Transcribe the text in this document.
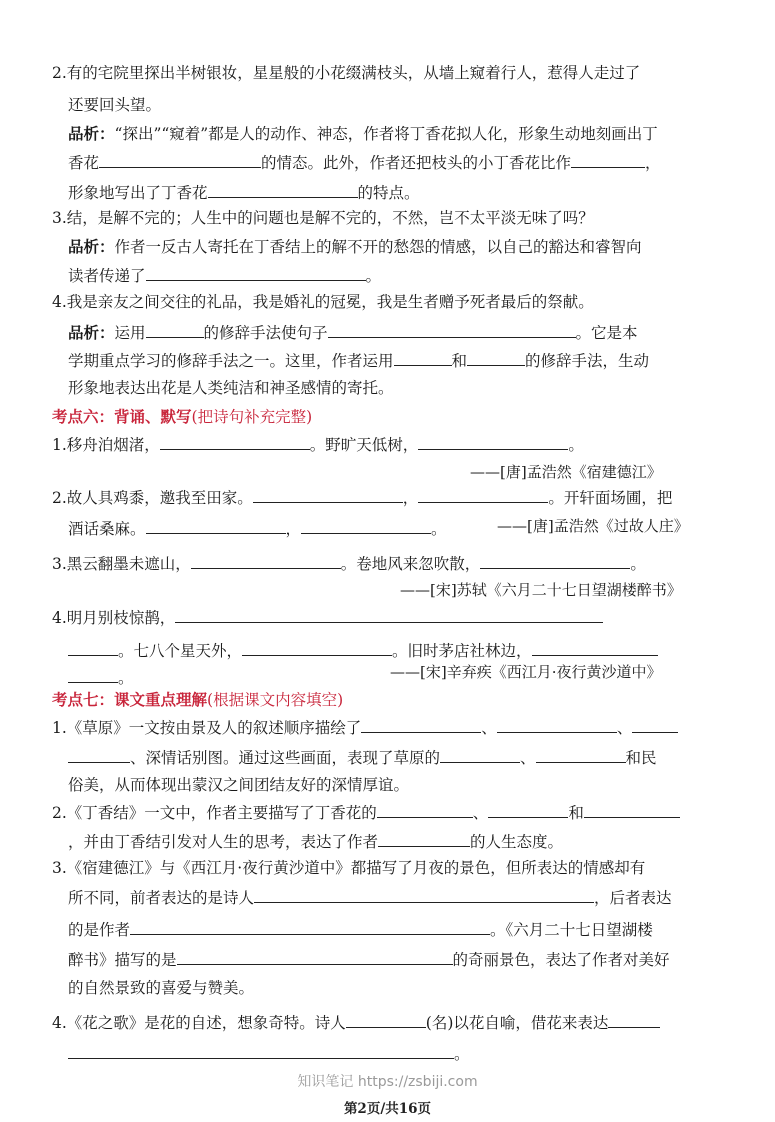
2.有的宅院里探出半树银妆，星星般的小花缀满枝头，从墙上窥着行人，惹得人走过了
还要回头望。
品析：“探出”“窥着”都是人的动作、神态，作者将丁香花拟人化，形象生动地刻画出丁
香花	的情态。此外，作者还把枝头的小丁香花比作	，
形象地写出了丁香花	的特点。
3.结，是解不完的；人生中的问题也是解不完的，不然，岂不太平淡无味了吗？
品析：作者一反古人寄托在丁香结上的解不开的愁怨的情感，以自己的豁达和睿智向
读者传递了	。
4.我是亲友之间交往的礼品，我是婚礼的冠冕，我是生者赠予死者最后的祭献。
品析：运用	的修辞手法使句子	。它是本
学期重点学习的修辞手法之一。这里，作者运用	和	的修辞手法，生动
形象地表达出花是人类纯洁和神圣感情的寄托。
考点六：背诵、默写(把诗句补充完整)
1.移舟泊烟渚，	。野旷天低树，	。
——[唐]孟浩然《宿建德江》
2.故人具鸡黍，邀我至田家。	，	。开轩面场圃，把
酒话桑麻。	，	。	——[唐]孟浩然《过故人庄》
3.黑云翻墨未遮山，	。卷地风来忽吹散，	。
——[宋]苏轼《六月二十七日望湖楼醉书》
4.明月别枝惊鹊，
。七八个星天外，	。旧时茅店社林边，
。	——[宋]辛弃疾《西江月·夜行黄沙道中》
考点七：课文重点理解(根据课文内容填空)
1.《草原》一文按由景及人的叙述顺序描绘了	、	、
、深情话别图。通过这些画面，表现了草原的	、	和民
俗美，从而体现出蒙汉之间团结友好的深情厚谊。
2.《丁香结》一文中，作者主要描写了丁香花的	、	和
，并由丁香结引发对人生的思考，表达了作者	的人生态度。
3.《宿建德江》与《西江月·夜行黄沙道中》都描写了月夜的景色，但所表达的情感却有
所不同，前者表达的是诗人	，后者表达
的是作者	。《六月二十七日望湖楼
醉书》描写的是	的奇丽景色，表达了作者对美好
的自然景致的喜爱与赞美。
4.《花之歌》是花的自述，想象奇特。诗人	(名)以花自喻，借花来表达
。
知识笔记 https://zsbiji.com
第2页/共16页
